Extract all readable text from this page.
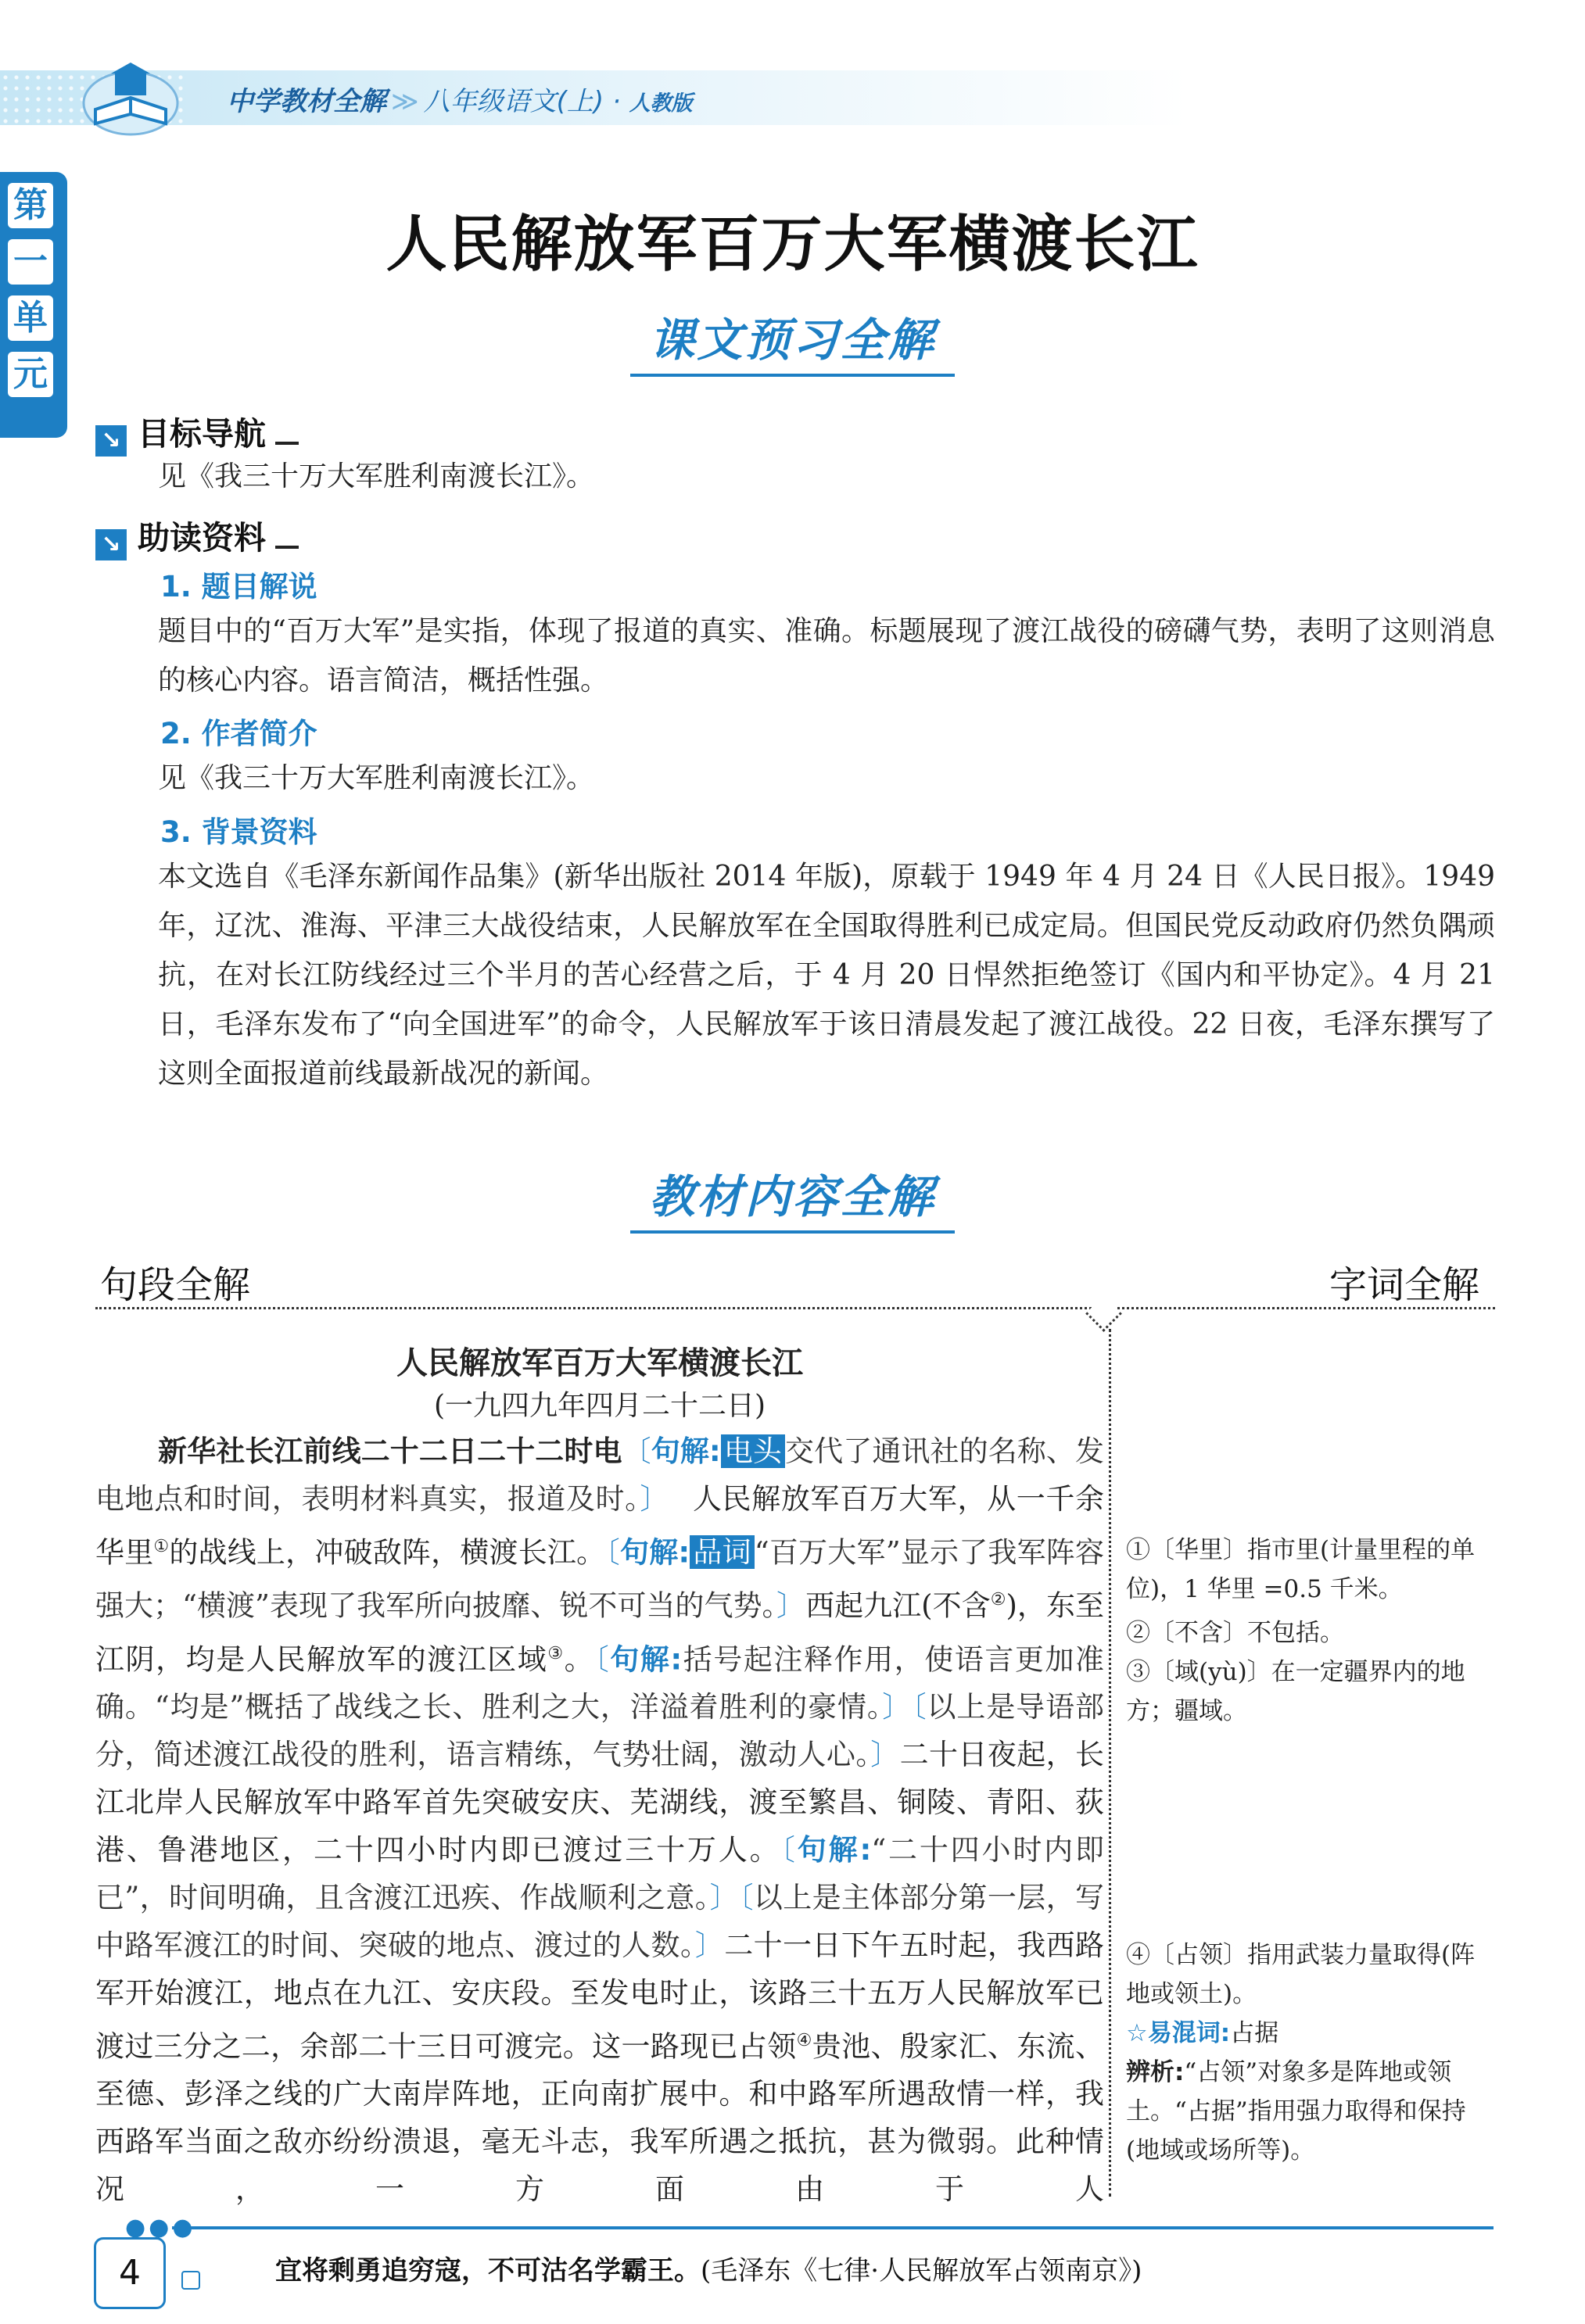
中学教材全解 ≫ 八年级语文(上) · 人教版
第
一
单
元
人民解放军百万大军横渡长江
课文预习全解
↘ 目标导航
见《我三十万大军胜利南渡长江》。
↘ 助读资料
1. 题目解说
题目中的“百万大军”是实指，体现了报道的真实、准确。标题展现了渡江战役的磅礴气势，表明了这则消息的核心内容。语言简洁，概括性强。
2. 作者简介
见《我三十万大军胜利南渡长江》。
3. 背景资料
本文选自《毛泽东新闻作品集》(新华出版社 2014 年版)，原载于 1949 年 4 月 24 日《人民日报》。1949 年，辽沈、淮海、平津三大战役结束，人民解放军在全国取得胜利已成定局。但国民党反动政府仍然负隅顽抗，在对长江防线经过三个半月的苦心经营之后，于 4 月 20 日悍然拒绝签订《国内和平协定》。4 月 21 日，毛泽东发布了“向全国进军”的命令，人民解放军于该日清晨发起了渡江战役。22 日夜，毛泽东撰写了这则全面报道前线最新战况的新闻。
教材内容全解
句段全解	字词全解
人民解放军百万大军横渡长江
(一九四九年四月二十二日)
新华社长江前线二十二日二十二时电〔句解: 电头 交代了通讯社的名称、发电地点和时间，表明材料真实，报道及时。〕 人民解放军百万大军，从一千余华里①的战线上，冲破敌阵，横渡长江。〔句解: 品词 “百万大军”显示了我军阵容强大；“横渡”表现了我军所向披靡、锐不可当的气势。〕西起九江(不含②)，东至江阴，均是人民解放军的渡江区域③。〔句解:括号起注释作用，使语言更加准确。“均是”概括了战线之长、胜利之大，洋溢着胜利的豪情。〕〔以上是导语部分，简述渡江战役的胜利，语言精练，气势壮阔，激动人心。〕二十日夜起，长江北岸人民解放军中路军首先突破安庆、芜湖线，渡至繁昌、铜陵、青阳、荻港、鲁港地区，二十四小时内即已渡过三十万人。〔句解:“二十四小时内即已”，时间明确，且含渡江迅疾、作战顺利之意。〕〔以上是主体部分第一层，写中路军渡江的时间、突破的地点、渡过的人数。〕二十一日下午五时起，我西路军开始渡江，地点在九江、安庆段。至发电时止，该路三十五万人民解放军已渡过三分之二，余部二十三日可渡完。这一路现已占领④贵池、殷家汇、东流、至德、彭泽之线的广大南岸阵地，正向南扩展中。和中路军所遇敌情一样，我西路军当面之敌亦纷纷溃退，毫无斗志，我军所遇之抵抗，甚为微弱。此种情况，一方面由于人
①〔华里〕指市里(计量里程的单位)，1 华里 =0.5 千米。
②〔不含〕不包括。
③〔域(yù)〕在一定疆界内的地方；疆域。
④〔占领〕指用武装力量取得(阵地或领土)。
☆易混词:占据
辨析:“占领”对象多是阵地或领土。“占据”指用强力取得和保持(地域或场所等)。
●●●
4	宜将剩勇追穷寇，不可沽名学霸王。(毛泽东《七律·人民解放军占领南京》)
